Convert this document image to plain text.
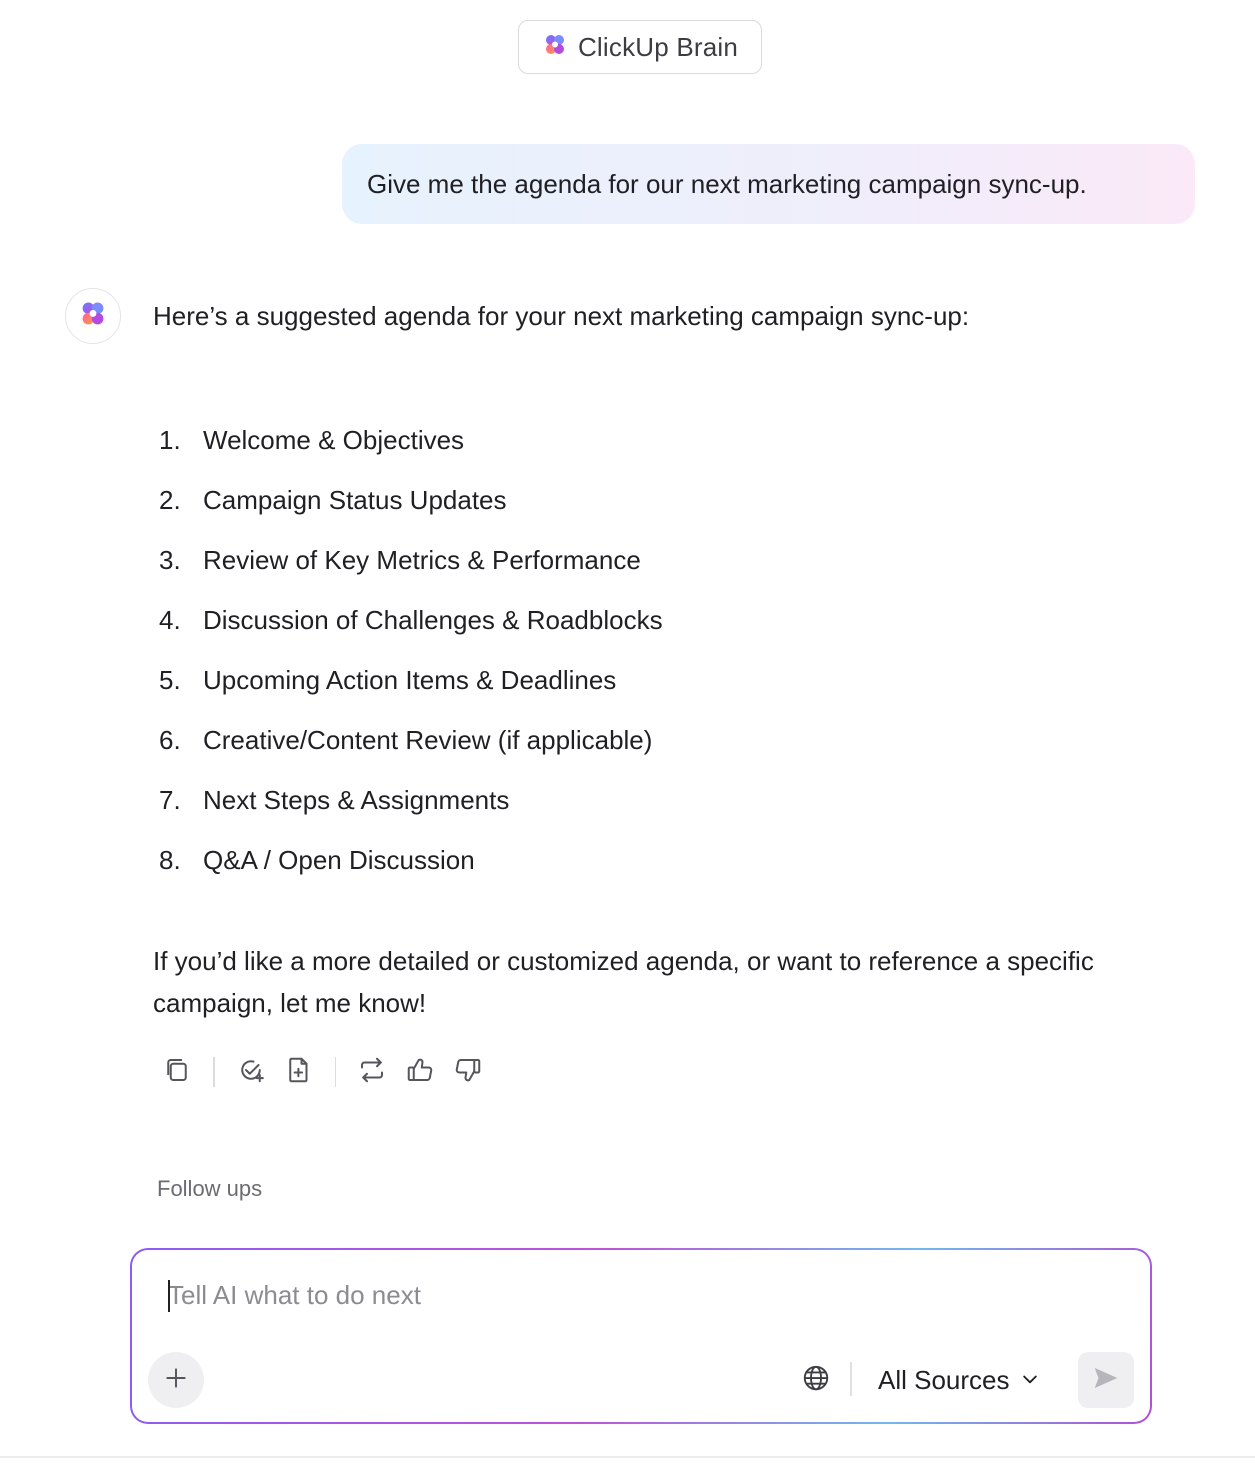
ClickUp Brain
Give me the agenda for our next marketing campaign sync-up.
Here’s a suggested agenda for your next marketing campaign sync-up:
1. Welcome & Objectives
2. Campaign Status Updates
3. Review of Key Metrics & Performance
4. Discussion of Challenges & Roadblocks
5. Upcoming Action Items & Deadlines
6. Creative/Content Review (if applicable)
7. Next Steps & Assignments
8. Q&A / Open Discussion
If you’d like a more detailed or customized agenda, or want to reference a specific campaign, let me know!
Follow ups
Tell AI what to do next
All Sources
